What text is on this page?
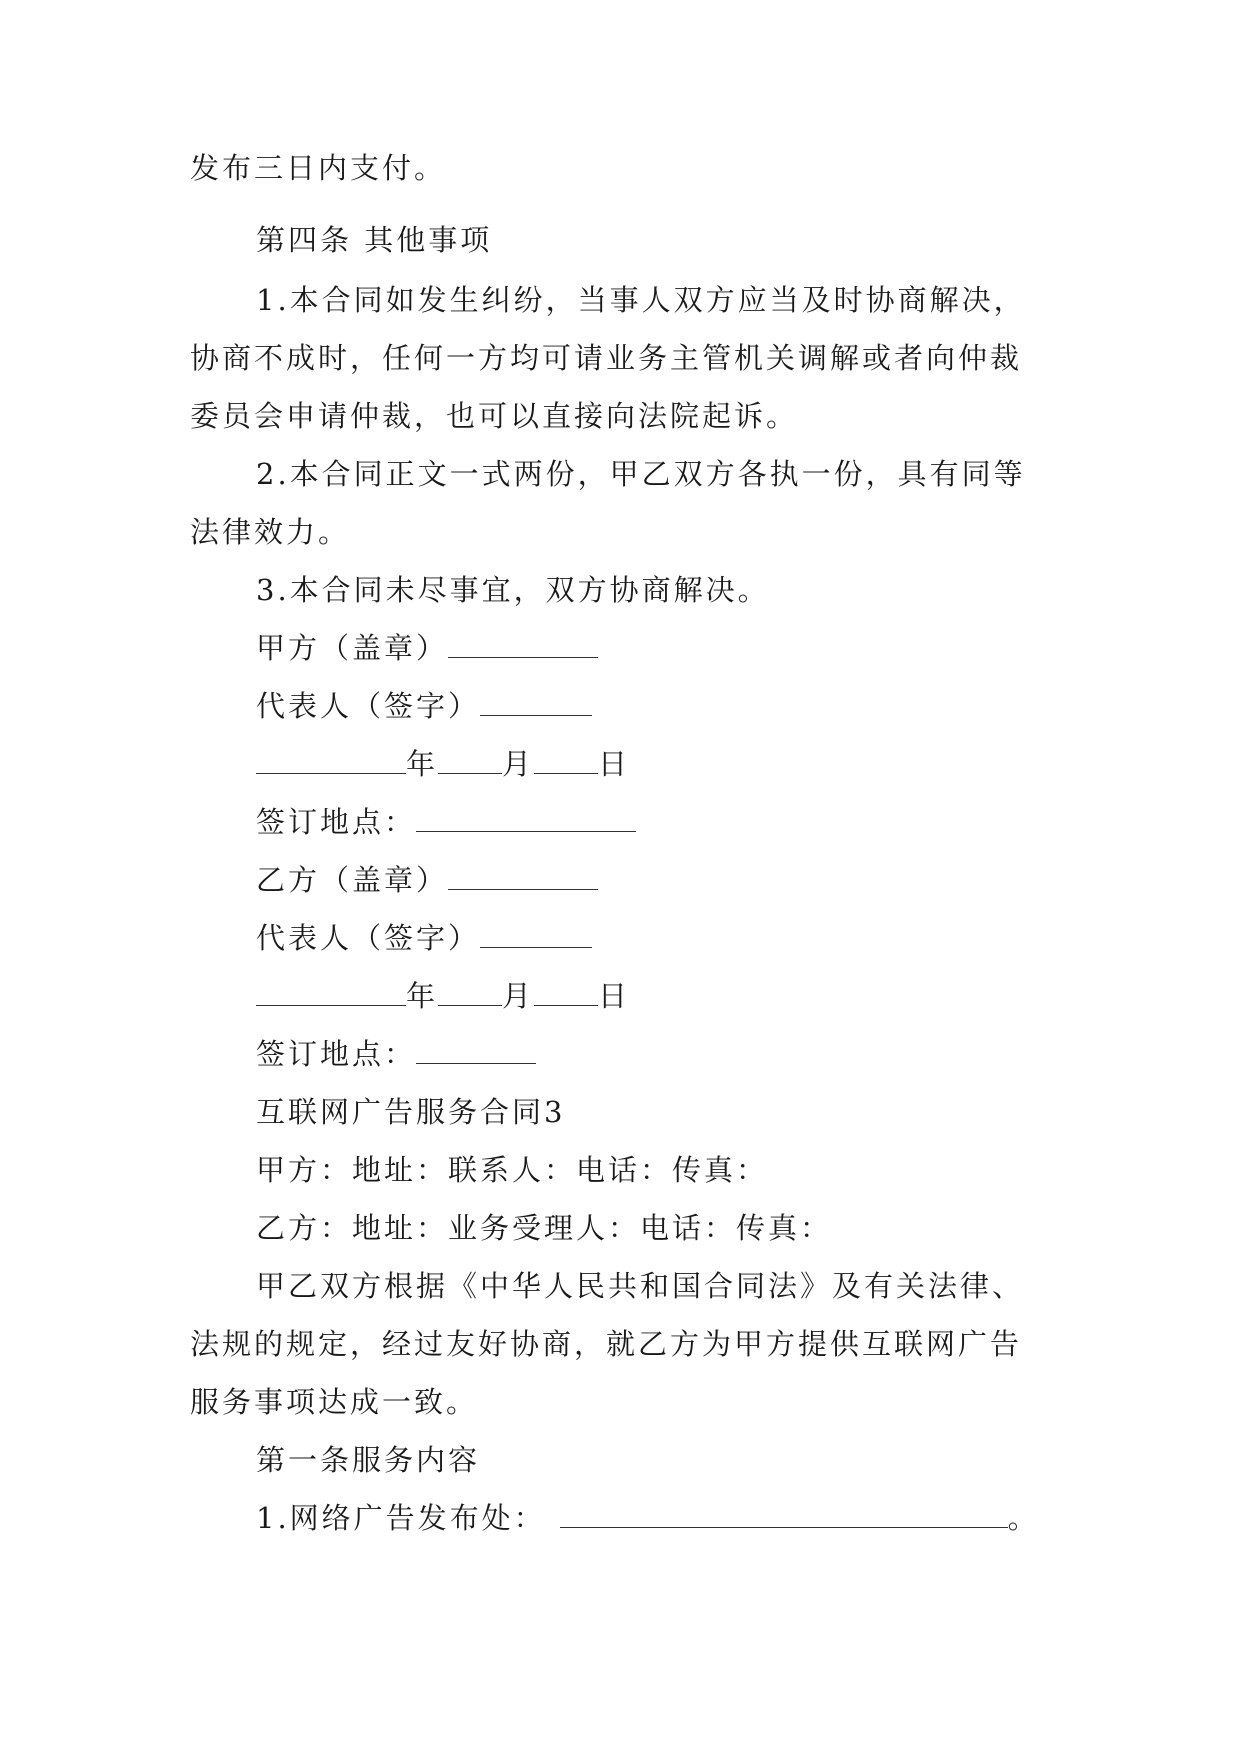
发布三日内支付。
第四条 其他事项
1.本合同如发生纠纷，当事人双方应当及时协商解决，
协商不成时，任何一方均可请业务主管机关调解或者向仲裁
委员会申请仲裁，也可以直接向法院起诉。
2.本合同正文一式两份，甲乙双方各执一份，具有同等
法律效力。
3.本合同未尽事宜，双方协商解决。
甲方（盖章）
代表人（签字）
年 月 日
签订地点：
乙方（盖章）
代表人（签字）
年 月 日
签订地点：
互联网广告服务合同3
甲方：地址：联系人：电话：传真：
乙方：地址：业务受理人：电话：传真：
甲乙双方根据《中华人民共和国合同法》及有关法律、
法规的规定，经过友好协商，就乙方为甲方提供互联网广告
服务事项达成一致。
第一条服务内容
1.网络广告发布处：	。
